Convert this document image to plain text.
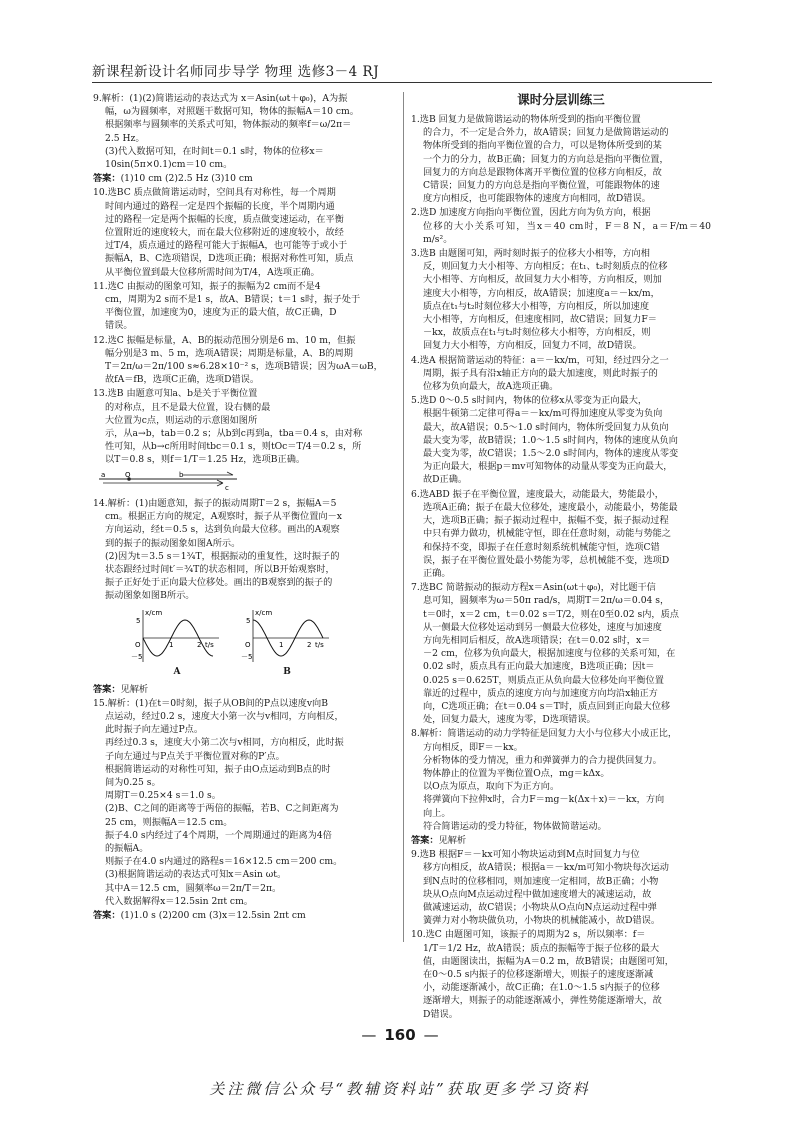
新课程新设计名师同步导学 物理 选修3－4 RJ
9.解析：(1)(2)简谐运动的表达式为 x＝Asin(ωt＋φ₀)，A为振
幅，ω为圆频率，对照题干数据可知，物体的振幅A＝10 cm。
根据频率与圆频率的关系式可知，物体振动的频率f＝ω/2π＝
2.5 Hz。
(3)代入数据可知，在时间t＝0.1 s时，物体的位移x＝
10sin(5π×0.1)cm＝10 cm。
答案：(1)10 cm (2)2.5 Hz (3)10 cm
10.选BC 质点做简谐运动时，空间具有对称性，每一个周期
时间内通过的路程一定是四个振幅的长度，半个周期内通
过的路程一定是两个振幅的长度，质点做变速运动，在平衡
位置附近的速度较大，而在最大位移附近的速度较小，故经
过T/4，质点通过的路程可能大于振幅A，也可能等于或小于
振幅A，B、C选项错误，D选项正确；根据对称性可知，质点
从平衡位置到最大位移所需时间为T/4，A选项正确。
11.选C 由振动的图象可知，振子的振幅为2 cm而不是4
cm，周期为2 s而不是1 s，故A、B错误；t＝1 s时，振子处于
平衡位置，加速度为0，速度为正的最大值，故C正确，D
错误。
12.选C 振幅是标量，A、B的振动范围分别是6 m、10 m，但振
幅分别是3 m、5 m，选项A错误；周期是标量，A、B的周期
T＝2π/ω＝2π/100 s≈6.28×10⁻² s，选项B错误；因为ωA＝ωB，
故fA＝fB，选项C正确，选项D错误。
13.选B 由题意可知a、b是关于平衡位置
的对称点，且不是最大位置，设右侧的最
大位置为c点，则运动的示意图如图所
示，从a→b，tab＝0.2 s；从b到c再到a，tba＝0.4 s，由对称
性可知，从b→c所用时间tbc＝0.1 s，则tOc＝T/4＝0.2 s，所
以T＝0.8 s，则f＝1/T＝1.25 Hz，选项B正确。
a	O	b
c
14.解析：(1)由题意知，振子的振动周期T＝2 s，振幅A＝5
cm。根据正方向的规定，A观察时，振子从平衡位置向－x
方向运动，经t＝0.5 s，达到负向最大位移。画出的A观察
到的振子的振动图象如图A所示。
(2)因为t＝3.5 s＝1¾T，根据振动的重复性，这时振子的
状态跟经过时间t′＝¾T的状态相同，所以B开始观察时，
振子正好处于正向最大位移处。画出的B观察到的振子的
振动图象如图B所示。
x/cm
t/s
5
－5
1	2
O
A
x/cm
t/s
5
－5
1	2
O
B
答案：见解析
15.解析：(1)在t＝0时刻，振子从OB间的P点以速度v向B
点运动，经过0.2 s，速度大小第一次与v相同，方向相反，
此时振子向左通过P点。
再经过0.3 s，速度大小第二次与v相同，方向相反，此时振
子向左通过与P点关于平衡位置对称的P′点。
根据简谐运动的对称性可知，振子由O点运动到B点的时
间为0.25 s。
周期T＝0.25×4 s＝1.0 s。
(2)B、C之间的距离等于两倍的振幅，若B、C之间距离为
25 cm，则振幅A＝12.5 cm。
振子4.0 s内经过了4个周期，一个周期通过的距离为4倍
的振幅A。
则振子在4.0 s内通过的路程s＝16×12.5 cm＝200 cm。
(3)根据简谐运动的表达式可知x＝Asin ωt。
其中A＝12.5 cm，圆频率ω＝2π/T＝2π。
代入数据解得x＝12.5sin 2πt cm。
答案：(1)1.0 s (2)200 cm (3)x＝12.5sin 2πt cm
课时分层训练三
1.选B 回复力是做简谐运动的物体所受到的指向平衡位置
的合力，不一定是合外力，故A错误；回复力是做简谐运动的
物体所受到的指向平衡位置的合力，可以是物体所受到的某
一个力的分力，故B正确；回复力的方向总是指向平衡位置，
回复力的方向总是跟物体离开平衡位置的位移方向相反，故
C错误；回复力的方向总是指向平衡位置，可能跟物体的速
度方向相反，也可能跟物体的速度方向相同，故D错误。
2.选D 加速度方向指向平衡位置，因此方向为负方向，根据
位移的大小关系可知，当x＝40 cm时，F＝8 N，a＝F/m＝40 m/s²。
3.选B 由题图可知，两时刻时振子的位移大小相等，方向相
反，则回复力大小相等、方向相反；在t₁、t₂时刻质点的位移
大小相等、方向相反，故回复力大小相等，方向相反，则加
速度大小相等，方向相反，故A错误；加速度a＝－kx/m，
质点在t₁与t₂时刻位移大小相等，方向相反，所以加速度
大小相等，方向相反，但速度相同，故C错误；回复力F＝
－kx，故质点在t₁与t₂时刻位移大小相等，方向相反，则
回复力大小相等，方向相反，回复力不同，故D错误。
4.选A 根据简谐运动的特征：a＝－kx/m，可知，经过四分之一
周期，振子具有沿x轴正方向的最大加速度，则此时振子的
位移为负向最大，故A选项正确。
5.选D 0～0.5 s时间内，物体的位移x从零变为正向最大，
根据牛顿第二定律可得a＝－kx/m可得加速度从零变为负向
最大，故A错误；0.5～1.0 s时间内，物体所受回复力从负向
最大变为零，故B错误；1.0～1.5 s时间内，物体的速度从负向
最大变为零，故C错误；1.5～2.0 s时间内，物体的速度从零变
为正向最大，根据p＝mv可知物体的动量从零变为正向最大，
故D正确。
6.选ABD 振子在平衡位置，速度最大，动能最大，势能最小，
选项A正确；振子在最大位移处，速度最小，动能最小，势能最
大，选项B正确；振子振动过程中，振幅不变，振子振动过程
中只有弹力做功，机械能守恒，即在任意时刻，动能与势能之
和保持不变，即振子在任意时刻系统机械能守恒，选项C错
误，振子在平衡位置处最小势能为零，总机械能不变，选项D
正确。
7.选BC 简谐振动的振动方程x＝Asin(ωt＋φ₀)，对比题干信
息可知，圆频率为ω＝50π rad/s，周期T＝2π/ω＝0.04 s，
t＝0时，x＝2 cm，t＝0.02 s＝T/2，则在0至0.02 s内，质点
从一侧最大位移处运动到另一侧最大位移处，速度与加速度
方向先相同后相反，故A选项错误；在t＝0.02 s时，x＝
－2 cm，位移为负向最大，根据加速度与位移的关系可知，在
0.02 s时，质点具有正向最大加速度，B选项正确；因t＝
0.025 s＝0.625T，则质点正从负向最大位移处向平衡位置
靠近的过程中，质点的速度方向与加速度方向均沿x轴正方
向，C选项正确；在t＝0.04 s＝T时，质点回到正向最大位移
处，回复力最大，速度为零，D选项错误。
8.解析：简谐运动的动力学特征是回复力大小与位移大小成正比，
方向相反，即F＝－kx。
分析物体的受力情况，重力和弹簧弹力的合力提供回复力。
物体静止的位置为平衡位置O点，mg＝kΔx。
以O点为原点，取向下为正方向。
将弹簧向下拉伸x时，合力F＝mg－k(Δx＋x)＝－kx，方向
向上。
符合简谐运动的受力特征，物体做简谐运动。
答案：见解析
9.选B 根据F＝－kx可知小物块运动到M点时回复力与位
移方向相反，故A错误；根据a＝－kx/m可知小物块每次运动
到N点时的位移相同，则加速度一定相同，故B正确；小物
块从O点向M点运动过程中做加速度增大的减速运动，故
做减速运动，故C错误；小物块从O点向N点运动过程中弹
簧弹力对小物块做负功，小物块的机械能减小，故D错误。
10.选C 由题图可知，该振子的周期为2 s，所以频率：f＝
1/T＝1/2 Hz，故A错误；质点的振幅等于振子位移的最大
值，由题图读出，振幅为A＝0.2 m，故B错误；由题图可知，
在0～0.5 s内振子的位移逐渐增大，则振子的速度逐渐减
小，动能逐渐减小，故C正确；在1.0～1.5 s内振子的位移
逐渐增大，则振子的动能逐渐减小，弹性势能逐渐增大，故
D错误。
— 160 —
关注微信公众号“教辅资料站”获取更多学习资料
